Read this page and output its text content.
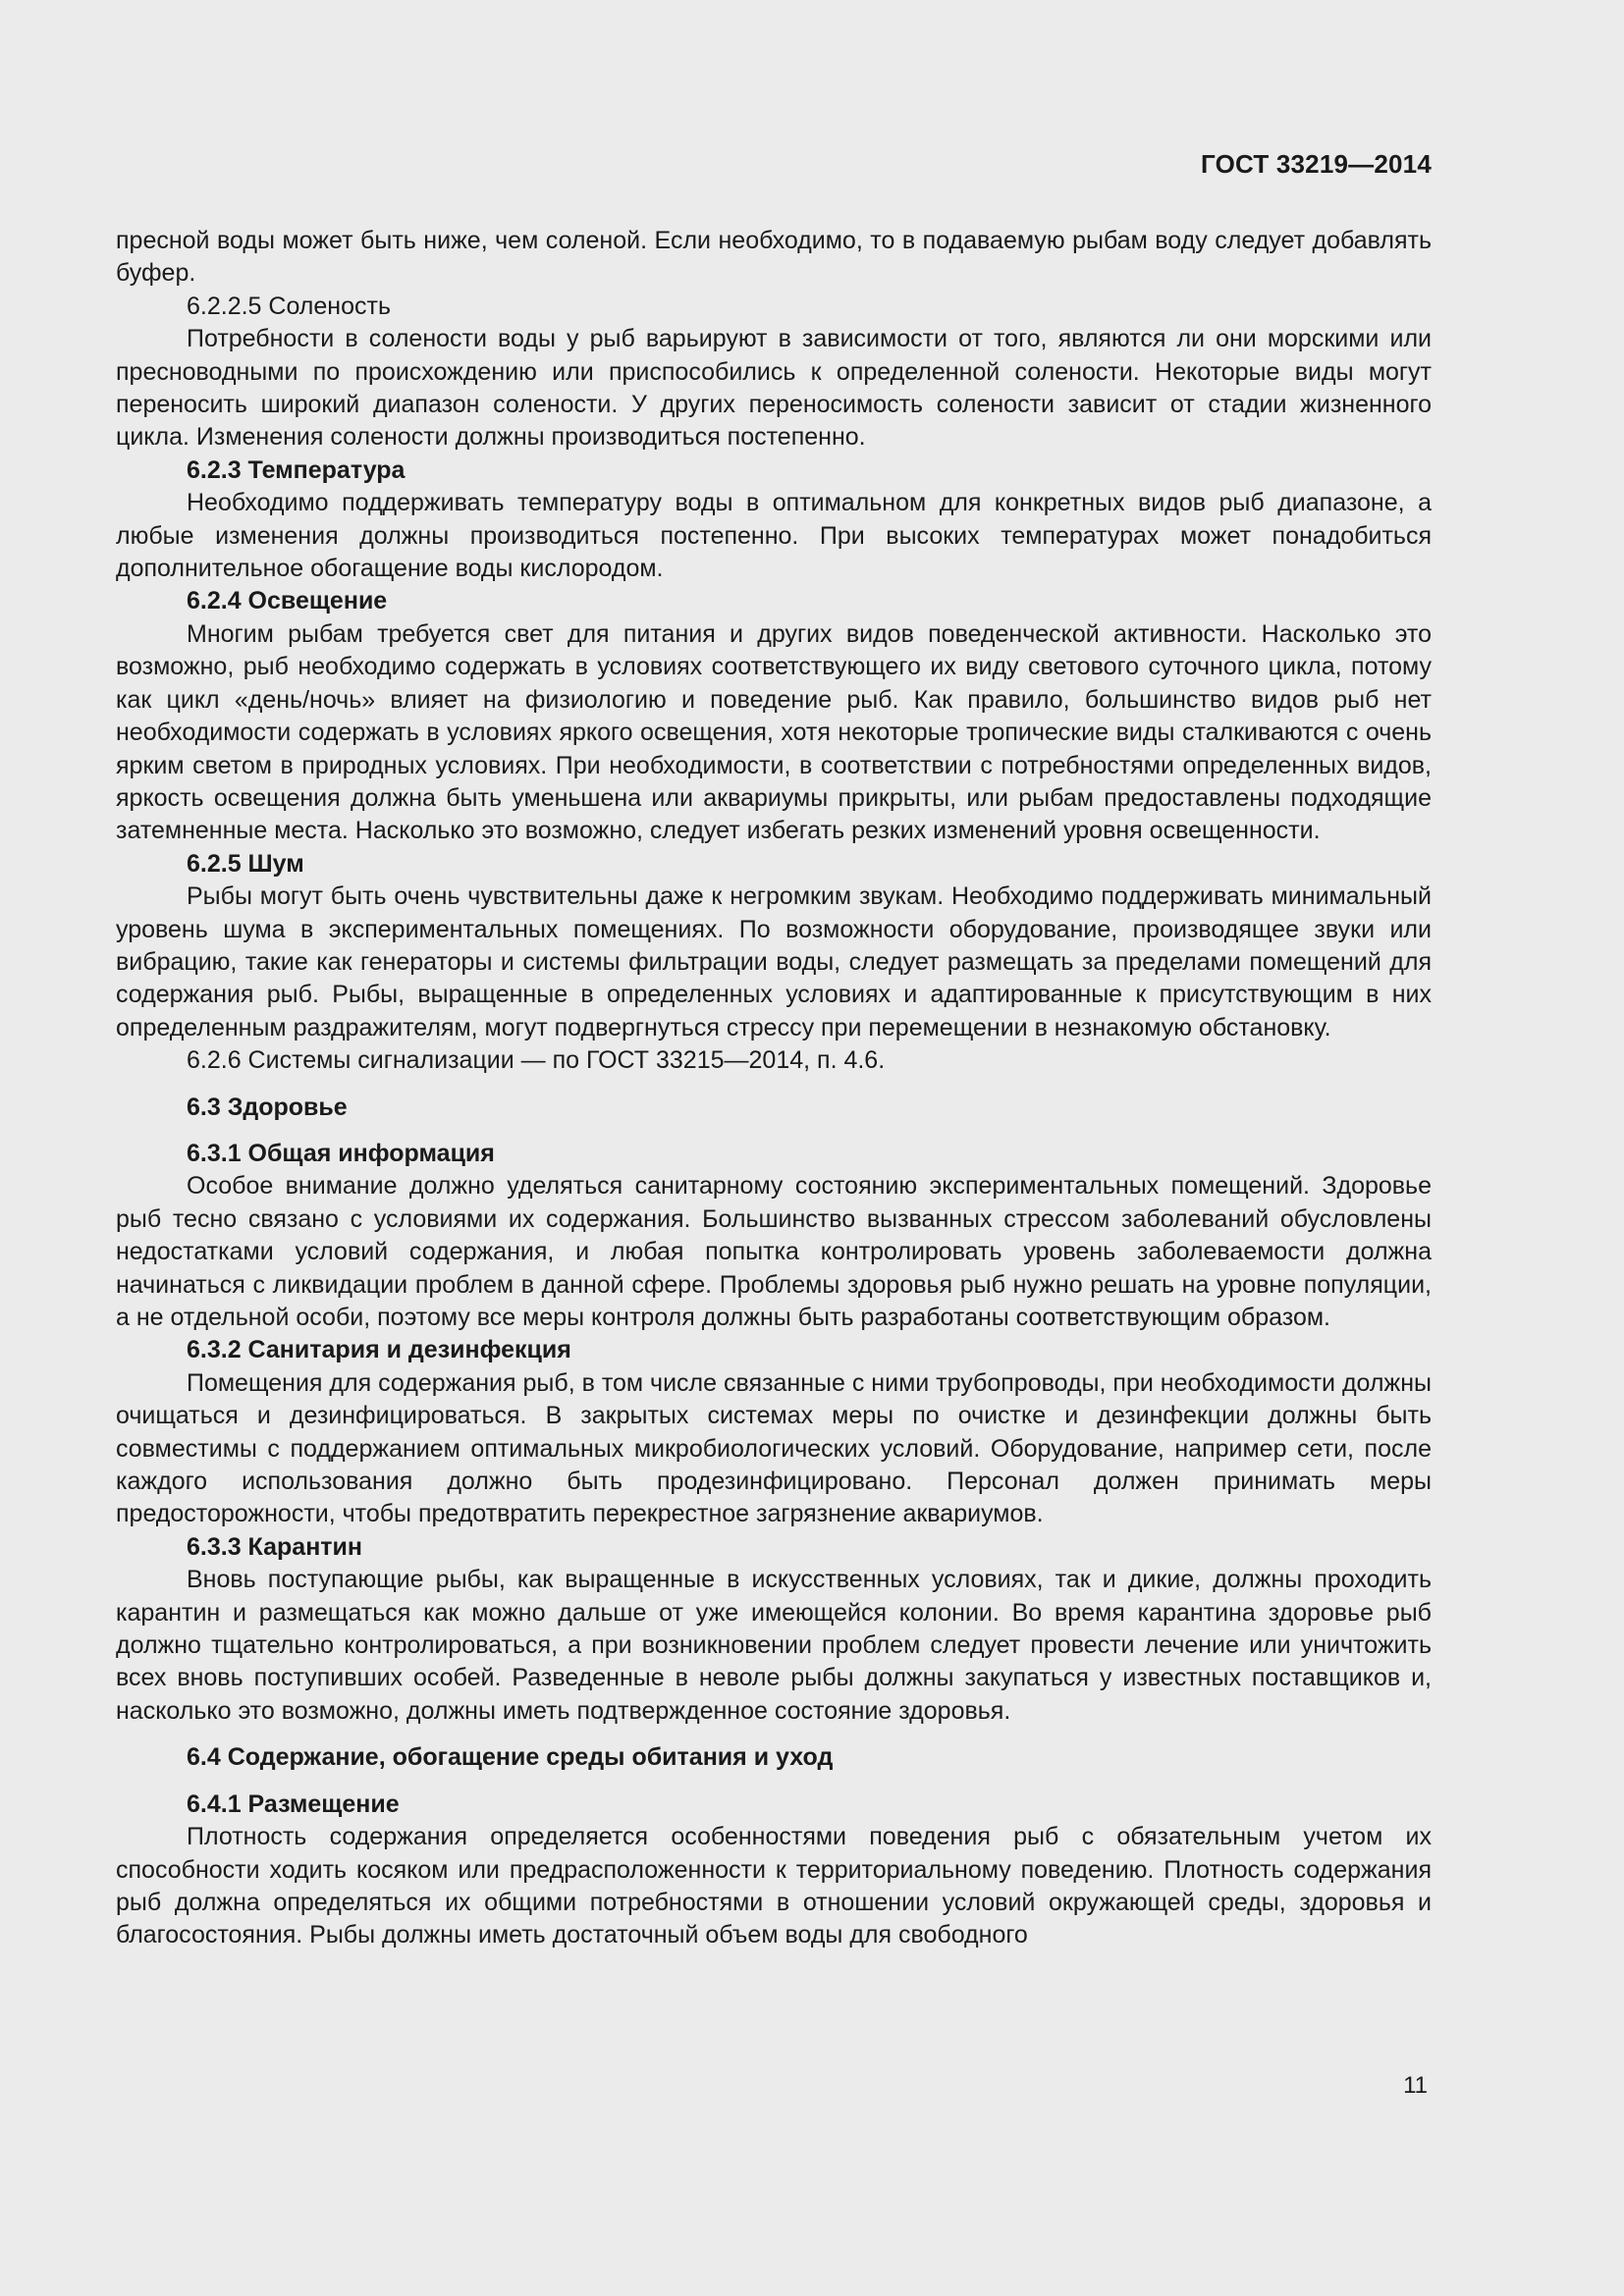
ГОСТ 33219—2014
пресной воды может быть ниже, чем соленой. Если необходимо, то в подаваемую рыбам воду следует добавлять буфер.
6.2.2.5 Соленость
Потребности в солености воды у рыб варьируют в зависимости от того, являются ли они морскими или пресноводными по происхождению или приспособились к определенной солености. Некоторые виды могут переносить широкий диапазон солености. У других переносимость солености зависит от стадии жизненного цикла. Изменения солености должны производиться постепенно.
6.2.3 Температура
Необходимо поддерживать температуру воды в оптимальном для конкретных видов рыб диапазоне, а любые изменения должны производиться постепенно. При высоких температурах может понадобиться дополнительное обогащение воды кислородом.
6.2.4 Освещение
Многим рыбам требуется свет для питания и других видов поведенческой активности. Насколько это возможно, рыб необходимо содержать в условиях соответствующего их виду светового суточного цикла, потому как цикл «день/ночь» влияет на физиологию и поведение рыб. Как правило, большинство видов рыб нет необходимости содержать в условиях яркого освещения, хотя некоторые тропические виды сталкиваются с очень ярким светом в природных условиях. При необходимости, в соответствии с потребностями определенных видов, яркость освещения должна быть уменьшена или аквариумы прикрыты, или рыбам предоставлены подходящие затемненные места. Насколько это возможно, следует избегать резких изменений уровня освещенности.
6.2.5 Шум
Рыбы могут быть очень чувствительны даже к негромким звукам. Необходимо поддерживать минимальный уровень шума в экспериментальных помещениях. По возможности оборудование, производящее звуки или вибрацию, такие как генераторы и системы фильтрации воды, следует размещать за пределами помещений для содержания рыб. Рыбы, выращенные в определенных условиях и адаптированные к присутствующим в них определенным раздражителям, могут подвергнуться стрессу при перемещении в незнакомую обстановку.
6.2.6 Системы сигнализации — по ГОСТ 33215—2014, п. 4.6.
6.3 Здоровье
6.3.1 Общая информация
Особое внимание должно уделяться санитарному состоянию экспериментальных помещений. Здоровье рыб тесно связано с условиями их содержания. Большинство вызванных стрессом заболеваний обусловлены недостатками условий содержания, и любая попытка контролировать уровень заболеваемости должна начинаться с ликвидации проблем в данной сфере. Проблемы здоровья рыб нужно решать на уровне популяции, а не отдельной особи, поэтому все меры контроля должны быть разработаны соответствующим образом.
6.3.2 Санитария и дезинфекция
Помещения для содержания рыб, в том числе связанные с ними трубопроводы, при необходимости должны очищаться и дезинфицироваться. В закрытых системах меры по очистке и дезинфекции должны быть совместимы с поддержанием оптимальных микробиологических условий. Оборудование, например сети, после каждого использования должно быть продезинфицировано. Персонал должен принимать меры предосторожности, чтобы предотвратить перекрестное загрязнение аквариумов.
6.3.3 Карантин
Вновь поступающие рыбы, как выращенные в искусственных условиях, так и дикие, должны проходить карантин и размещаться как можно дальше от уже имеющейся колонии. Во время карантина здоровье рыб должно тщательно контролироваться, а при возникновении проблем следует провести лечение или уничтожить всех вновь поступивших особей. Разведенные в неволе рыбы должны закупаться у известных поставщиков и, насколько это возможно, должны иметь подтвержденное состояние здоровья.
6.4 Содержание, обогащение среды обитания и уход
6.4.1 Размещение
Плотность содержания определяется особенностями поведения рыб с обязательным учетом их способности ходить косяком или предрасположенности к территориальному поведению. Плотность содержания рыб должна определяться их общими потребностями в отношении условий окружающей среды, здоровья и благосостояния. Рыбы должны иметь достаточный объем воды для свободного
11
